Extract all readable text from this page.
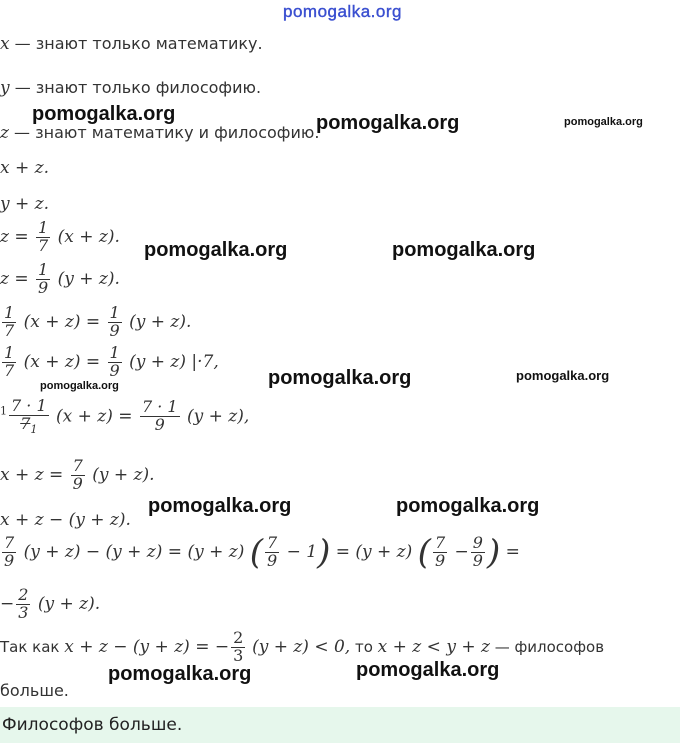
pomogalka.org
x — знают только математику.
y — знают только философию.
z — знают математику и философию.
x + z.
y + z.
$z = \frac{1}{7} (x + z)$.
$z = \frac{1}{9} (y + z)$.
$\frac{1}{7} (x + z) = \frac{1}{9} (y + z)$.
$\frac{1}{7} (x + z) = \frac{1}{9} (y + z)$ |·7,
$^1 \frac{7 \cdot 1}{7_1} (x + z) = \frac{7 \cdot 1}{9} (y + z)$,
$x + z = \frac{7}{9} (y + z)$.
x + z − (y + z).
$\frac{7}{9} (y + z) - (y + z) = (y + z)$ ( $\frac{7}{9} - 1) = (y + z)$ ( $\frac{7}{9} - \frac{9}{9}$ ) =
− $\frac{2}{3} (y + z)$.
Так как x + z − (y + z) = − $\frac{2}{3} (y + z) < 0$, то x + z < y + z — философов
больше.
Философов больше.
pomogalka.org	pomogalka.org	pomogalka.org
pomogalka.org	pomogalka.org
pomogalka.org	pomogalka.org	pomogalka.org
pomogalka.org	pomogalka.org
pomogalka.org	pomogalka.org
